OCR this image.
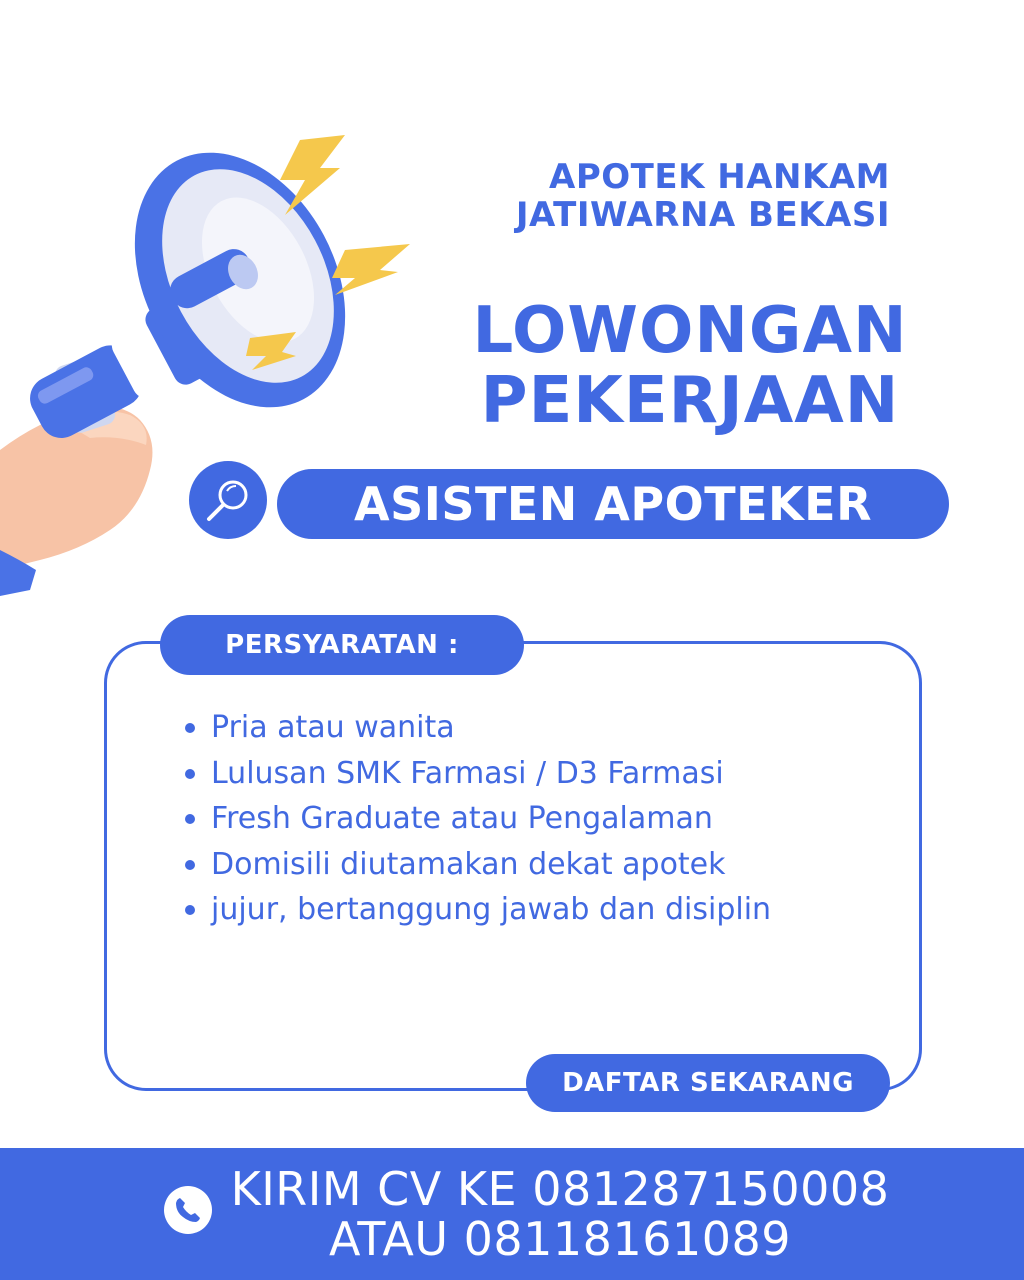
APOTEK HANKAM
JATIWARNA BEKASI
LOWONGAN
PEKERJAAN
ASISTEN APOTEKER
PERSYARATAN :
Pria atau wanita
Lulusan SMK Farmasi / D3 Farmasi
Fresh Graduate atau Pengalaman
Domisili diutamakan dekat apotek
jujur, bertanggung jawab dan disiplin
DAFTAR SEKARANG
KIRIM CV KE 081287150008
ATAU 08118161089
